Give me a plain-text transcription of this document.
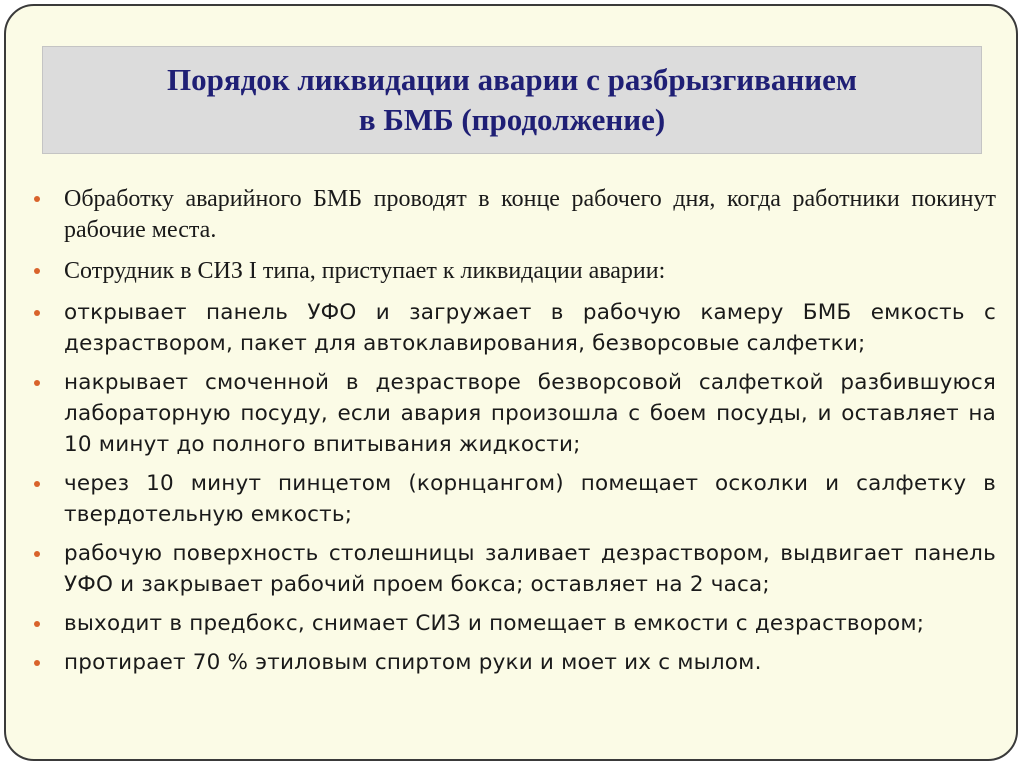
Порядок ликвидации аварии с разбрызгиванием
в БМБ (продолжение)
Обработку аварийного БМБ проводят в конце рабочего дня, когда работники покинут рабочие места.
Сотрудник в СИЗ I типа, приступает к ликвидации аварии:
открывает панель УФО и загружает в рабочую камеру БМБ емкость с дезраствором, пакет для автоклавирования, безворсовые салфетки;
накрывает смоченной в дезрастворе безворсовой салфеткой разбившуюся лабораторную посуду, если авария произошла с боем посуды, и оставляет на 10 минут до полного впитывания жидкости;
через 10 минут пинцетом (корнцангом) помещает осколки и салфетку в твердотельную емкость;
рабочую поверхность столешницы заливает дезраствором, выдвигает панель УФО и закрывает рабочий проем бокса; оставляет на 2 часа;
выходит в предбокс, снимает СИЗ и помещает в емкости с дезраствором;
протирает 70 % этиловым спиртом руки и моет их с мылом.
